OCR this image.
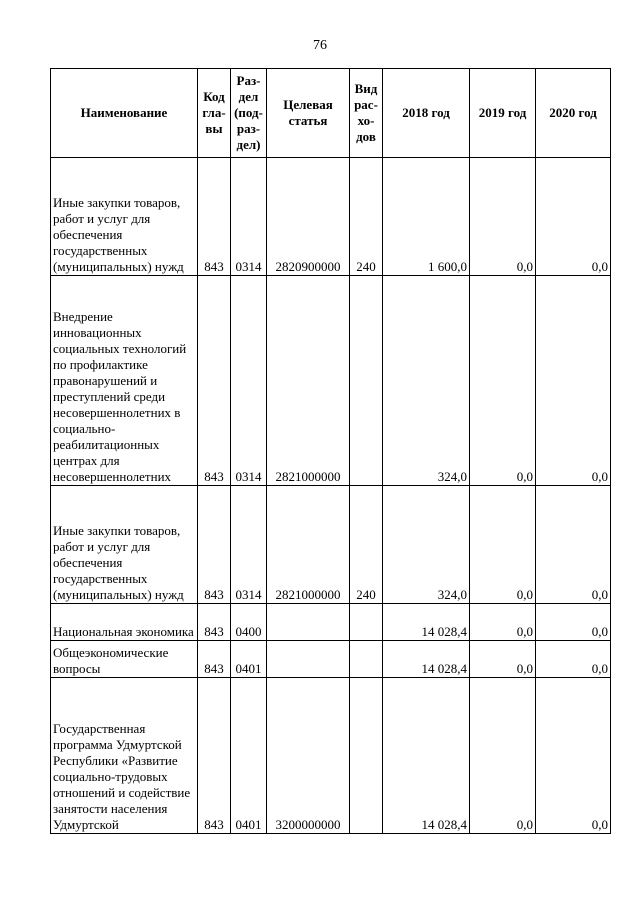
76
Наименование	Код гла-вы	Раз-дел (под-раз-дел)	Целевая статья	Вид рас-хо-дов	2018 год	2019 год	2020 год
Иные закупки товаров, работ и услуг для обеспечения государственных (муниципальных) нужд	843	0314	2820900000	240	1 600,0	0,0	0,0
Внедрение инновационных социальных технологий по профилактике правонарушений и преступлений среди несовершеннолетних в социально-реабилитационных центрах для несовершеннолетних	843	0314	2821000000		324,0	0,0	0,0
Иные закупки товаров, работ и услуг для обеспечения государственных (муниципальных) нужд	843	0314	2821000000	240	324,0	0,0	0,0
Национальная экономика	843	0400			14 028,4	0,0	0,0
Общеэкономические вопросы	843	0401			14 028,4	0,0	0,0
Государственная программа Удмуртской Республики «Развитие социально-трудовых отношений и содействие занятости населения Удмуртской	843	0401	3200000000		14 028,4	0,0	0,0
